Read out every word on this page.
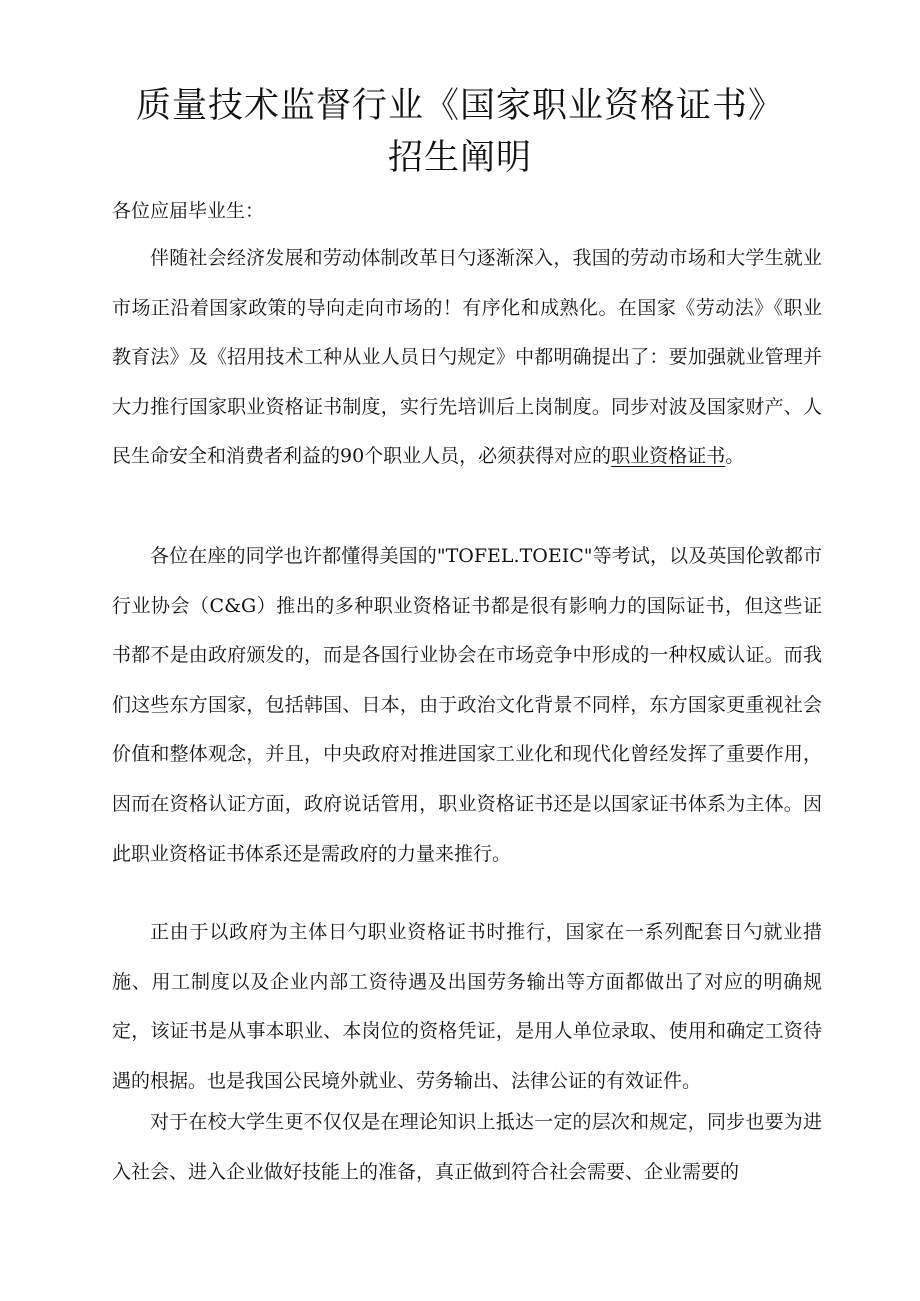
质量技术监督行业《国家职业资格证书》
招生阐明

各位应届毕业生：

伴随社会经济发展和劳动体制改革日勺逐渐深入，我国的劳动市场和大学生就业市场正沿着国家政策的导向走向市场的！有序化和成熟化。在国家《劳动法》《职业教育法》及《招用技术工种从业人员日勺规定》中都明确提出了：要加强就业管理并大力推行国家职业资格证书制度，实行先培训后上岗制度。同步对波及国家财产、人民生命安全和消费者利益的90个职业人员，必须获得对应的职业资格证书。

各位在座的同学也许都懂得美国的"TOFEL.TOEIC"等考试，以及英国伦敦都市行业协会（C&G）推出的多种职业资格证书都是很有影响力的国际证书，但这些证书都不是由政府颁发的，而是各国行业协会在市场竞争中形成的一种权威认证。而我们这些东方国家，包括韩国、日本，由于政治文化背景不同样，东方国家更重视社会价值和整体观念，并且，中央政府对推进国家工业化和现代化曾经发挥了重要作用，因而在资格认证方面，政府说话管用，职业资格证书还是以国家证书体系为主体。因此职业资格证书体系还是需政府的力量来推行。

正由于以政府为主体日勺职业资格证书时推行，国家在一系列配套日勺就业措施、用工制度以及企业内部工资待遇及出国劳务输出等方面都做出了对应的明确规定，该证书是从事本职业、本岗位的资格凭证，是用人单位录取、使用和确定工资待遇的根据。也是我国公民境外就业、劳务输出、法律公证的有效证件。

对于在校大学生更不仅仅是在理论知识上抵达一定的层次和规定，同步也要为进入社会、进入企业做好技能上的准备，真正做到符合社会需要、企业需要的
